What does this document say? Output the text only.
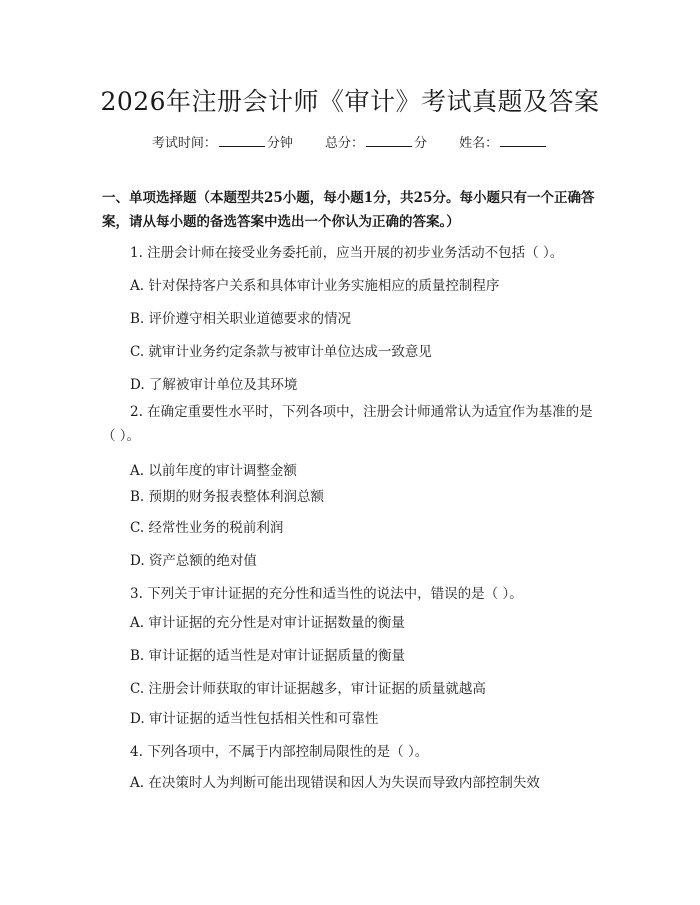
2026年注册会计师《审计》考试真题及答案
考试时间：	分钟 总分：	分 姓名：
一、单项选择题（本题型共25小题，每小题1分，共25分。每小题只有一个正确答案，请从每小题的备选答案中选出一个你认为正确的答案。）
1. 注册会计师在接受业务委托前，应当开展的初步业务活动不包括（ ）。
A. 针对保持客户关系和具体审计业务实施相应的质量控制程序
B. 评价遵守相关职业道德要求的情况
C. 就审计业务约定条款与被审计单位达成一致意见
D. 了解被审计单位及其环境
2. 在确定重要性水平时，下列各项中，注册会计师通常认为适宜作为基准的是（ ）。
A. 以前年度的审计调整金额
B. 预期的财务报表整体利润总额
C. 经常性业务的税前利润
D. 资产总额的绝对值
3. 下列关于审计证据的充分性和适当性的说法中，错误的是（ ）。
A. 审计证据的充分性是对审计证据数量的衡量
B. 审计证据的适当性是对审计证据质量的衡量
C. 注册会计师获取的审计证据越多，审计证据的质量就越高
D. 审计证据的适当性包括相关性和可靠性
4. 下列各项中，不属于内部控制局限性的是（ ）。
A. 在决策时人为判断可能出现错误和因人为失误而导致内部控制失效
